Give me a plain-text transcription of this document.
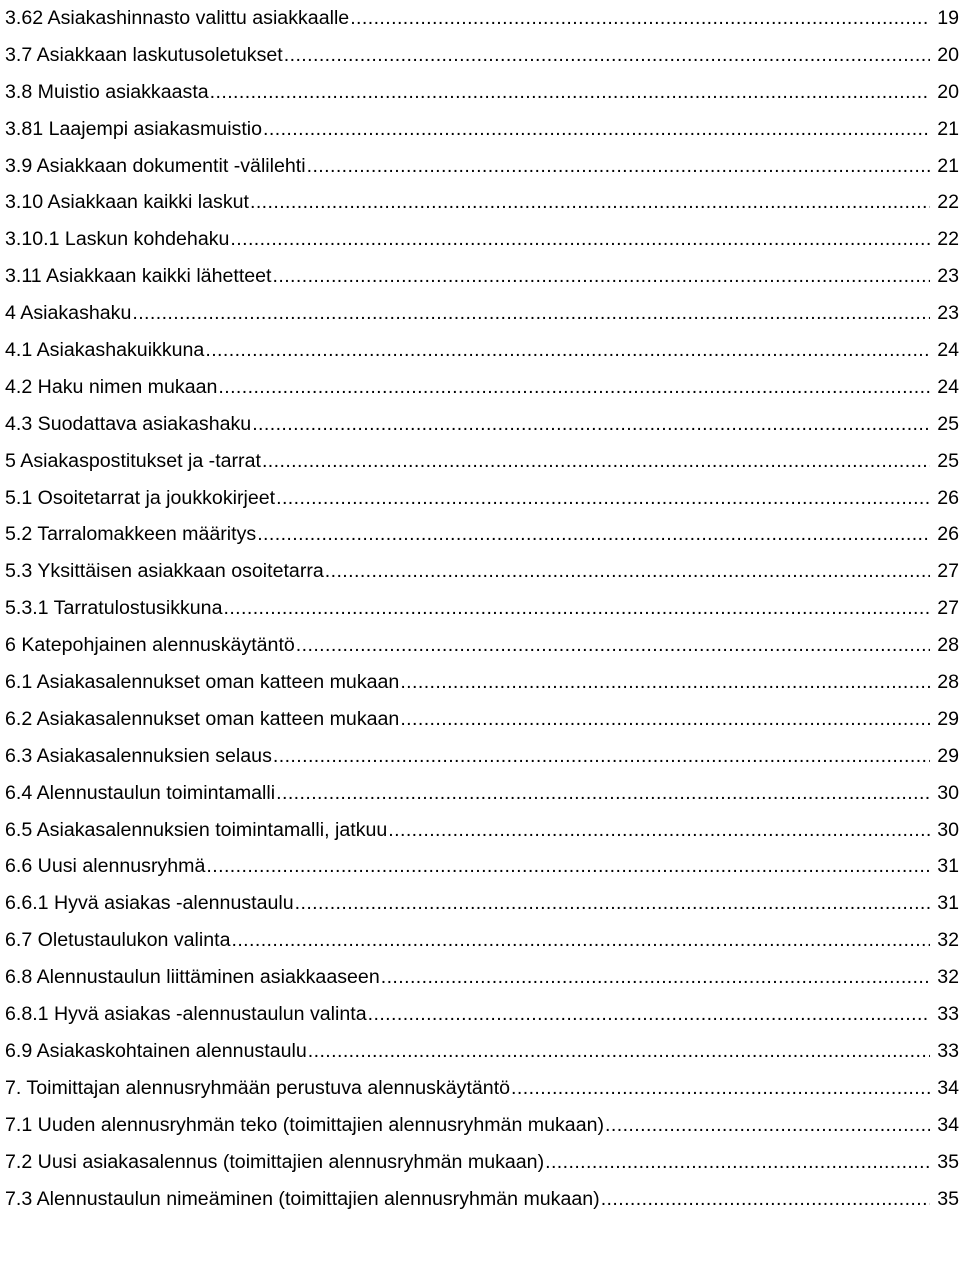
3.62 Asiakashinnasto valittu asiakkaalle .....	19
3.7 Asiakkaan laskutusoletukset .....	20
3.8 Muistio asiakkaasta .....	20
3.81 Laajempi asiakasmuistio .....	21
3.9 Asiakkaan dokumentit -välilehti .....	21
3.10 Asiakkaan kaikki laskut .....	22
3.10.1 Laskun kohdehaku .....	22
3.11 Asiakkaan kaikki lähetteet .....	23
4 Asiakashaku .....	23
4.1 Asiakashakuikkuna .....	24
4.2 Haku nimen mukaan .....	24
4.3 Suodattava asiakashaku .....	25
5 Asiakaspostitukset ja -tarrat .....	25
5.1 Osoitetarrat ja joukkokirjeet .....	26
5.2 Tarralomakkeen määritys .....	26
5.3 Yksittäisen asiakkaan osoitetarra .....	27
5.3.1 Tarratulostusikkuna .....	27
6 Katepohjainen alennuskäytäntö .....	28
6.1 Asiakasalennukset oman katteen mukaan .....	28
6.2 Asiakasalennukset oman katteen mukaan .....	29
6.3 Asiakasalennuksien selaus .....	29
6.4 Alennustaulun toimintamalli .....	30
6.5 Asiakasalennuksien toimintamalli, jatkuu .....	30
6.6 Uusi alennusryhmä .....	31
6.6.1 Hyvä asiakas -alennustaulu .....	31
6.7 Oletustaulukon valinta .....	32
6.8 Alennustaulun liittäminen asiakkaaseen .....	32
6.8.1 Hyvä asiakas -alennustaulun valinta .....	33
6.9 Asiakaskohtainen alennustaulu .....	33
7. Toimittajan alennusryhmään perustuva alennuskäytäntö .....	34
7.1 Uuden alennusryhmän teko (toimittajien alennusryhmän mukaan) .....	34
7.2 Uusi asiakasalennus (toimittajien alennusryhmän mukaan) .....	35
7.3 Alennustaulun nimeäminen (toimittajien alennusryhmän mukaan) .....	35
